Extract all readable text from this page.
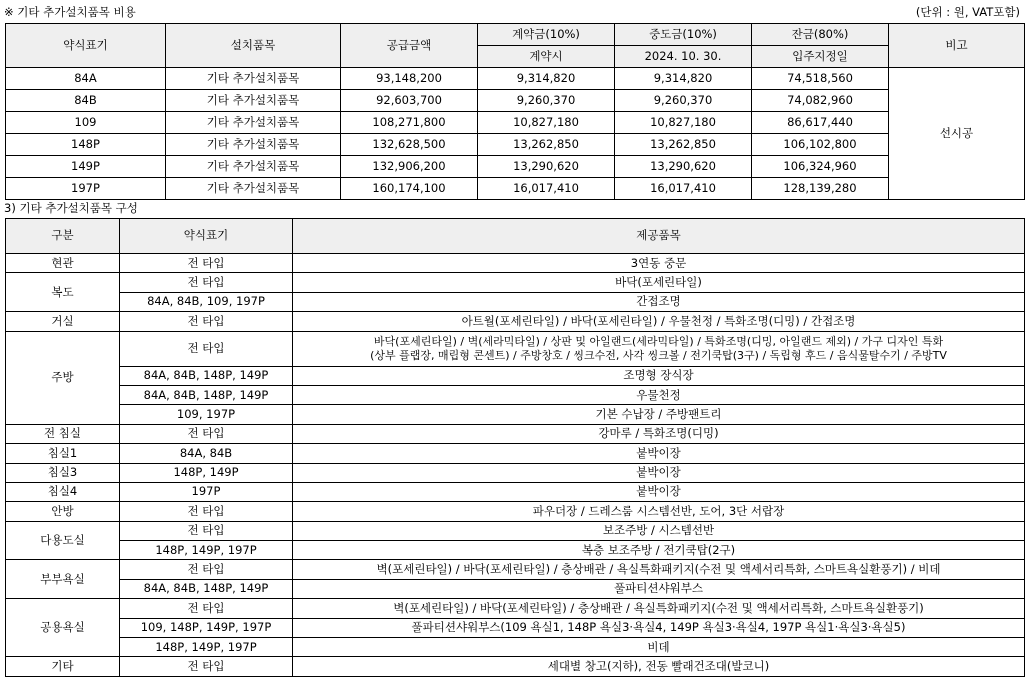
※ 기타 추가설치품목 비용	(단위 : 원, VAT포함)
약식표기	설치품목	공급금액	계약금(10%)	중도금(10%)	잔금(80%)	비고
			계약시	2024. 10. 30.	입주지정일	
84A	기타 추가설치품목	93,148,200	9,314,820	9,314,820	74,518,560	선시공
84B	기타 추가설치품목	92,603,700	9,260,370	9,260,370	74,082,960	
109	기타 추가설치품목	108,271,800	10,827,180	10,827,180	86,617,440	
148P	기타 추가설치품목	132,628,500	13,262,850	13,262,850	106,102,800	
149P	기타 추가설치품목	132,906,200	13,290,620	13,290,620	106,324,960	
197P	기타 추가설치품목	160,174,100	16,017,410	16,017,410	128,139,280	
3) 기타 추가설치품목 구성
구분	약식표기	제공품목
현관	전 타입	3연동 중문
복도	전 타입	바닥(포세린타일)
	84A, 84B, 109, 197P	간접조명
거실	전 타입	아트월(포세린타일) / 바닥(포세린타일) / 우물천정 / 특화조명(디밍) / 간접조명
주방	전 타입	바닥(포세린타일) / 벽(세라믹타일) / 상판 및 아일랜드(세라믹타일) / 특화조명(디밍, 아일랜드 제외) / 가구 디자인 특화
(상부 플랩장, 매립형 콘센트) / 주방창호 / 씽크수전, 사각 씽크볼 / 전기쿡탑(3구) / 독립형 후드 / 음식물탈수기 / 주방TV

	84A, 84B, 148P, 149P	조명형 장식장
	84A, 84B, 148P, 149P	우물천정
	109, 197P	기본 수납장 / 주방팬트리
전 침실	전 타입	강마루 / 특화조명(디밍)
침실1	84A, 84B	붙박이장
침실3	148P, 149P	붙박이장
침실4	197P	붙박이장
안방	전 타입	파우더장 / 드레스룸 시스템선반, 도어, 3단 서랍장
다용도실	전 타입	보조주방 / 시스템선반
	148P, 149P, 197P	복층 보조주방 / 전기쿡탑(2구)
부부욕실	전 타입	벽(포세린타일) / 바닥(포세린타일) / 층상배관 / 욕실특화패키지(수전 및 액세서리특화, 스마트욕실환풍기) / 비데
	84A, 84B, 148P, 149P	풀파티션샤워부스
공용욕실	전 타입	벽(포세린타일) / 바닥(포세린타일) / 층상배관 / 욕실특화패키지(수전 및 액세서리특화, 스마트욕실환풍기)
	109, 148P, 149P, 197P	풀파티션샤워부스(109 욕실1, 148P 욕실3·욕실4, 149P 욕실3·욕실4, 197P 욕실1·욕실3·욕실5)
	148P, 149P, 197P	비데
기타	전 타입	세대별 창고(지하), 전동 빨래건조대(발코니)
